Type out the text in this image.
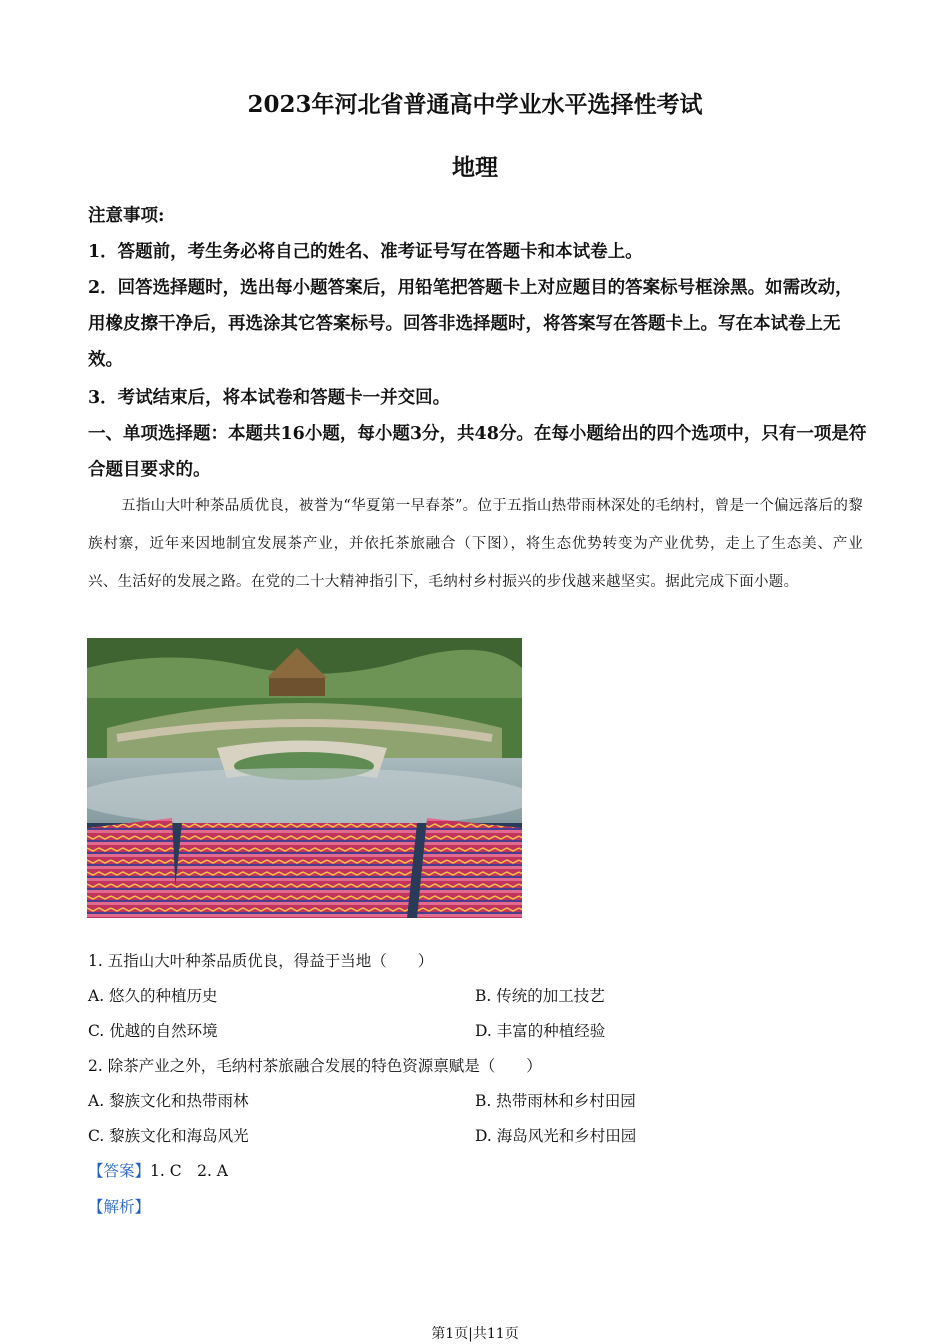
2023年河北省普通高中学业水平选择性考试
地理
注意事项:
1．答题前，考生务必将自己的姓名、准考证号写在答题卡和本试卷上。
2．回答选择题时，选出每小题答案后，用铅笔把答题卡上对应题目的答案标号框涂黑。如需改动，用橡皮擦干净后，再选涂其它答案标号。回答非选择题时，将答案写在答题卡上。写在本试卷上无效。
3．考试结束后，将本试卷和答题卡一并交回。
一、单项选择题：本题共16小题，每小题3分，共48分。在每小题给出的四个选项中，只有一项是符合题目要求的。
五指山大叶种茶品质优良，被誉为“华夏第一早春茶”。位于五指山热带雨林深处的毛纳村，曾是一个偏远落后的黎族村寨，近年来因地制宜发展茶产业，并依托茶旅融合（下图），将生态优势转变为产业优势，走上了生态美、产业兴、生活好的发展之路。在党的二十大精神指引下，毛纳村乡村振兴的步伐越来越坚实。据此完成下面小题。
1. 五指山大叶种茶品质优良，得益于当地（　　）
A. 悠久的种植历史	B. 传统的加工技艺
C. 优越的自然环境	D. 丰富的种植经验
2. 除茶产业之外，毛纳村茶旅融合发展的特色资源禀赋是（　　）
A. 黎族文化和热带雨林	B. 热带雨林和乡村田园
C. 黎族文化和海岛风光	D. 海岛风光和乡村田园
【答案】1. C　2. A
【解析】
第1页|共11页
